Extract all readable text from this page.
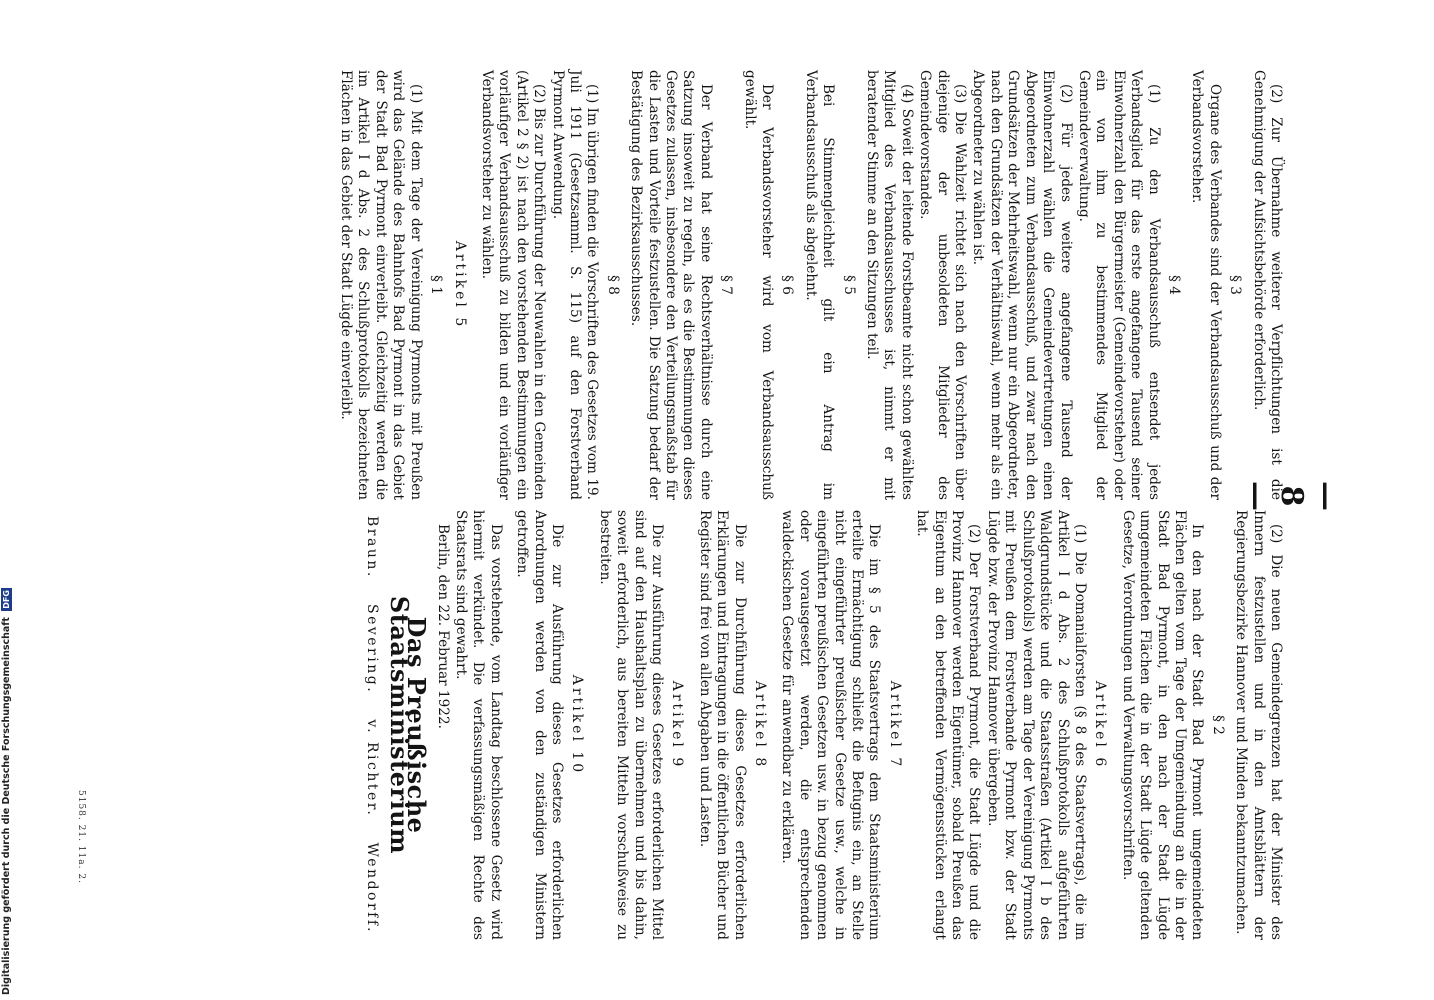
— 8 —

(2) Zur Übernahme weiterer Verpflichtungen ist die Genehmigung der Aufsichtsbehörde erforderlich.

§ 3

Organe des Verbandes sind der Verbandsausschuß und der Verbandsvorsteher.

§ 4

(1) Zu den Verbandsausschuß entsendet jedes Verbandsglied für das erste angefangene Tausend seiner Einwohnerzahl den Bürgermeister (Gemeindevorsteher) oder ein von ihm zu bestimmendes Mitglied der Gemeindeverwaltung.

(2) Für jedes weitere angefangene Tausend der Einwohnerzahl wählen die Gemeindevertretungen einen Abgeordneten zum Verbandsausschuß, und zwar nach den Grundsätzen der Mehrheitswahl, wenn nur ein Abgeordneter, nach den Grundsätzen der Verhältniswahl, wenn mehr als ein Abgeordneter zu wählen ist.

(3) Die Wahlzeit richtet sich nach den Vorschriften über diejenige der unbesoldeten Mitglieder des Gemeindevorstandes.

(4) Soweit der leitende Forstbeamte nicht schon gewähltes Mitglied des Verbandsausschusses ist, nimmt er mit beratender Stimme an den Sitzungen teil.

§ 5

Bei Stimmengleichheit gilt ein Antrag im Verbandsausschuß als abgelehnt.

§ 6

Der Verbandsvorsteher wird vom Verbandsausschuß gewählt.

§ 7

Der Verband hat seine Rechtsverhältnisse durch eine Satzung insoweit zu regeln, als es die Bestimmungen dieses Gesetzes zulassen, insbesondere den Verteilungsmaßstab für die Lasten und Vorteile festzustellen. Die Satzung bedarf der Bestätigung des Bezirksausschusses.

§ 8

(1) Im übrigen finden die Vorschriften des Gesetzes vom 19. Juli 1911 (Gesetzsamml. S. 115) auf den Forstverband Pyrmont Anwendung.

(2) Bis zur Durchführung der Neuwahlen in den Gemeinden (Artikel 2 § 2) ist nach den vorstehenden Bestimmungen ein vorläufiger Verbandsausschuß zu bilden und ein vorläufiger Verbandsvorsteher zu wählen.

Artikel 5
§ 1

(1) Mit dem Tage der Vereinigung Pyrmonts mit Preußen wird das Gelände des Bahnhofs Bad Pyrmont in das Gebiet der Stadt Bad Pyrmont einverleibt. Gleichzeitig werden die im Artikel I d Abs. 2 des Schlußprotokolls bezeichneten Flächen in das Gebiet der Stadt Lügde einverleibt.

(2) Die neuen Gemeindegrenzen hat der Minister des Innern festzustellen und in den Amtsblättern der Regierungsbezirke Hannover und Minden bekanntzumachen.

§ 2

In den nach der Stadt Bad Pyrmont umgemeindeten Flächen gelten vom Tage der Umgemeindung an die in der Stadt Bad Pyrmont, in den nach der Stadt Lügde umgemeindeten Flächen die in der Stadt Lügde geltenden Gesetze, Verordnungen und Verwaltungsvorschriften.

Artikel 6

(1) Die Domanialforsten (§ 8 des Staatsvertrags), die im Artikel I d Abs. 2 des Schlußprotokolls aufgeführten Waldgrundstücke und die Staatsstraßen (Artikel I b des Schlußprotokolls) werden am Tage der Vereinigung Pyrmonts mit Preußen dem Forstverbande Pyrmont bzw. der Stadt Lügde bzw. der Provinz Hannover übergeben.

(2) Der Forstverband Pyrmont, die Stadt Lügde und die Provinz Hannover werden Eigentümer, sobald Preußen das Eigentum an den betreffenden Vermögensstücken erlangt hat.

Artikel 7

Die im § 5 des Staatsvertrags dem Staatsministerium erteilte Ermächtigung schließt die Befugnis ein, an Stelle nicht eingeführter preußischer Gesetze usw., welche in eingeführten preußischen Gesetzen usw. in bezug genommen oder vorausgesetzt werden, die entsprechenden waldeckischen Gesetze für anwendbar zu erklären.

Artikel 8

Die zur Durchführung dieses Gesetzes erforderlichen Erklärungen und Eintragungen in die öffentlichen Bücher und Register sind frei von allen Abgaben und Lasten.

Artikel 9

Die zur Ausführung dieses Gesetzes erforderlichen Mittel sind auf den Haushaltsplan zu übernehmen und bis dahin, soweit erforderlich, aus bereiten Mitteln vorschußweise zu bestreiten.

Artikel 10

Die zur Ausführung dieses Gesetzes erforderlichen Anordnungen werden von den zuständigen Ministern getroffen.

Das vorstehende, vom Landtag beschlossene Gesetz wird hiermit verkündet. Die verfassungsmäßigen Rechte des Staatsrats sind gewahrt.

Berlin, den 22. Februar 1922.

Das Preußische Staatsministerium
Braun.
Severing.
v. Richter.
Wendorff.
5158. 21. 11a. 2.
Digitalisierung gefördert durch die Deutsche Forschungsgemeinschaft DFG
